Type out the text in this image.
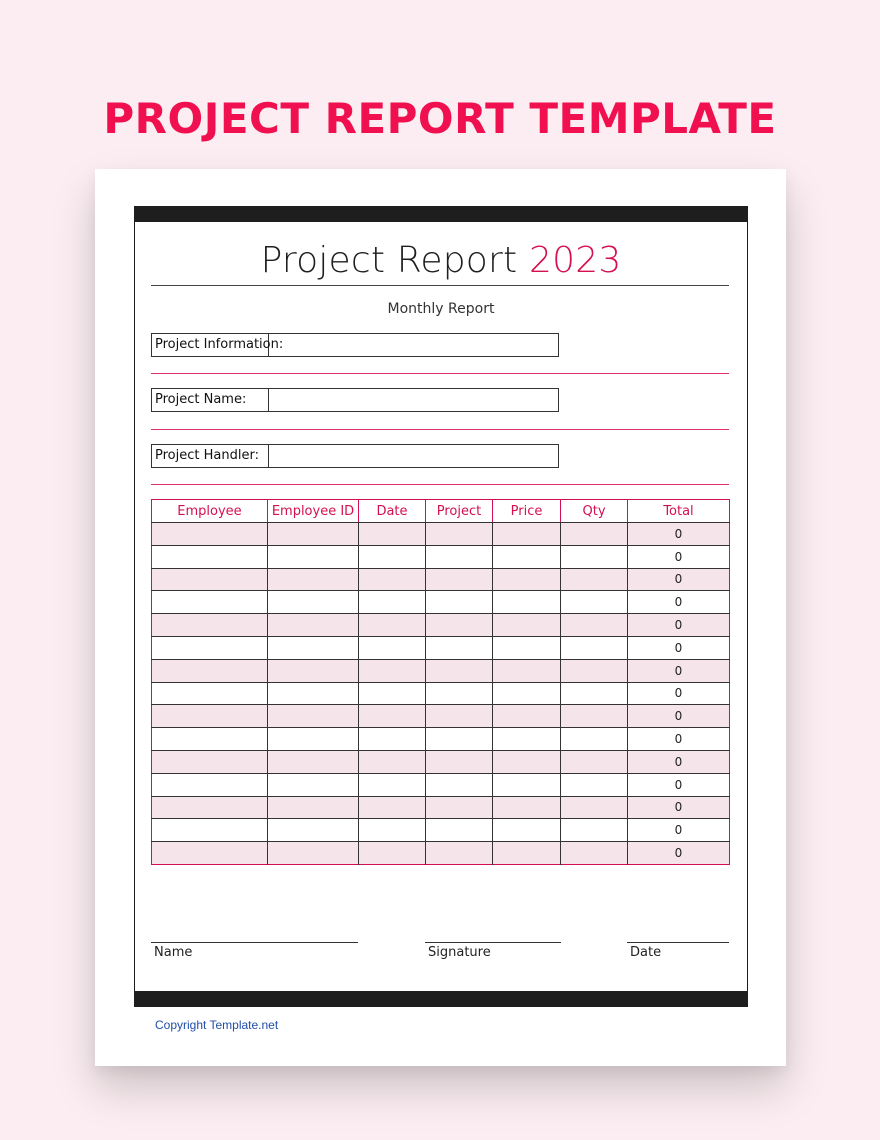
PROJECT REPORT TEMPLATE
Project Report 2023
Monthly Report
Project Information:
Project Name:
Project Handler:
Employee	Employee ID	Date	Project	Price	Qty	Total
						0
						0
						0
						0
						0
						0
						0
						0
						0
						0
						0
						0
						0
						0
						0
Name	Signature	Date
Copyright Template.net
